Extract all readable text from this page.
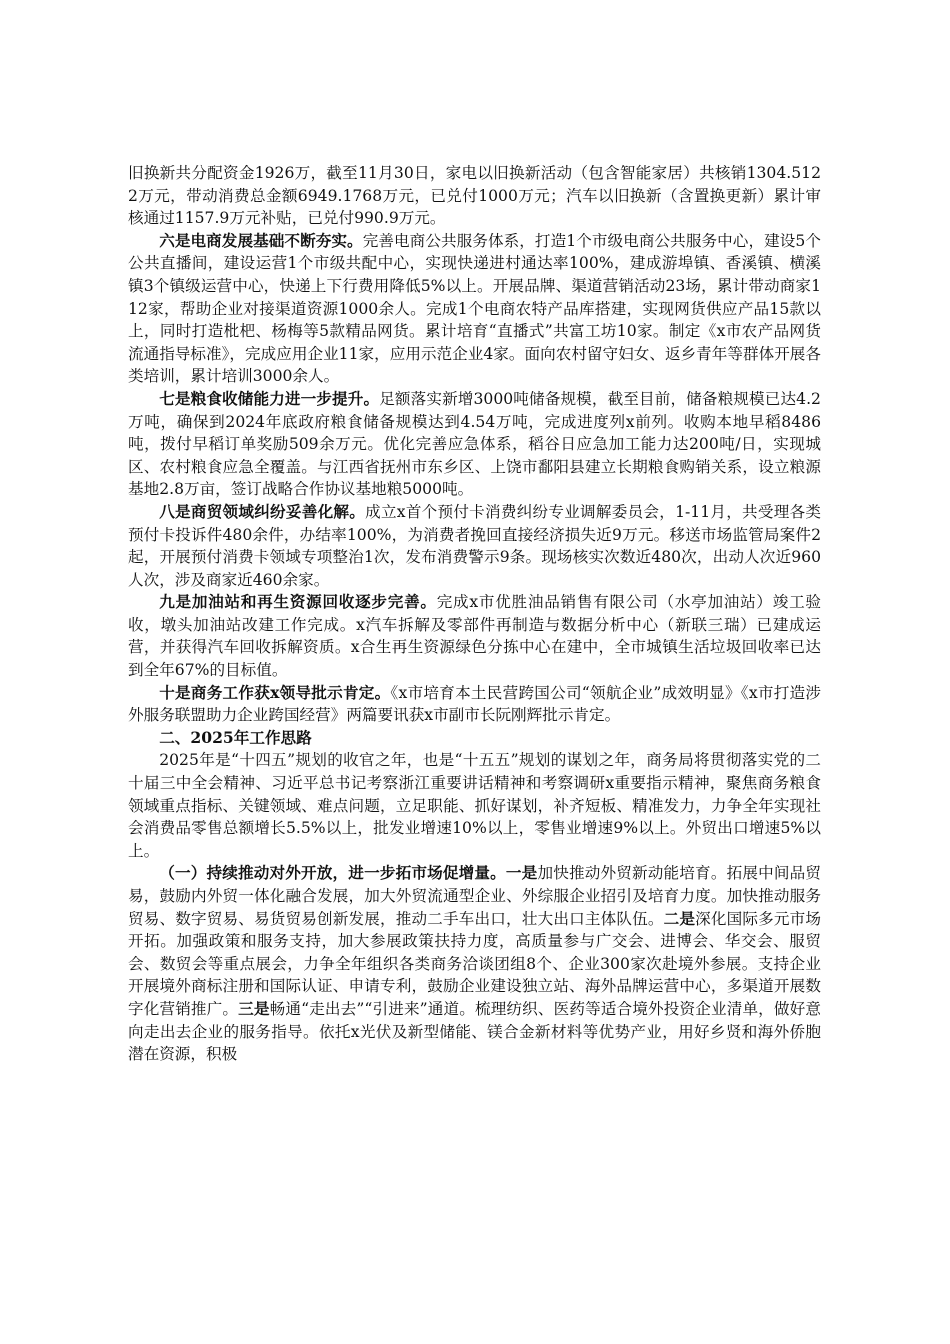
旧换新共分配资金1926万，截至11月30日，家电以旧换新活动（包含智能家居）共核销1304.5122万元，带动消费总金额6949.1768万元，已兑付1000万元；汽车以旧换新（含置换更新）累计审核通过1157.9万元补贴，已兑付990.9万元。

六是电商发展基础不断夯实。完善电商公共服务体系，打造1个市级电商公共服务中心，建设5个公共直播间，建设运营1个市级共配中心，实现快递进村通达率100%，建成游埠镇、香溪镇、横溪镇3个镇级运营中心，快递上下行费用降低5%以上。开展品牌、渠道营销活动23场，累计带动商家112家，帮助企业对接渠道资源1000余人。完成1个电商农特产品库搭建，实现网货供应产品15款以上，同时打造枇杷、杨梅等5款精品网货。累计培育“直播式”共富工坊10家。制定《x市农产品网货流通指导标准》，完成应用企业11家，应用示范企业4家。面向农村留守妇女、返乡青年等群体开展各类培训，累计培训3000余人。

七是粮食收储能力进一步提升。足额落实新增3000吨储备规模，截至目前，储备粮规模已达4.2万吨，确保到2024年底政府粮食储备规模达到4.54万吨，完成进度列x前列。收购本地早稻8486吨，拨付早稻订单奖励509余万元。优化完善应急体系，稻谷日应急加工能力达200吨/日，实现城区、农村粮食应急全覆盖。与江西省抚州市东乡区、上饶市鄱阳县建立长期粮食购销关系，设立粮源基地2.8万亩，签订战略合作协议基地粮5000吨。

八是商贸领域纠纷妥善化解。成立x首个预付卡消费纠纷专业调解委员会，1-11月，共受理各类预付卡投诉件480余件，办结率100%，为消费者挽回直接经济损失近9万元。移送市场监管局案件2起，开展预付消费卡领域专项整治1次，发布消费警示9条。现场核实次数近480次，出动人次近960人次，涉及商家近460余家。

九是加油站和再生资源回收逐步完善。完成x市优胜油品销售有限公司（水亭加油站）竣工验收，墩头加油站改建工作完成。x汽车拆解及零部件再制造与数据分析中心（新联三瑞）已建成运营，并获得汽车回收拆解资质。x合生再生资源绿色分拣中心在建中，全市城镇生活垃圾回收率已达到全年67%的目标值。

十是商务工作获x领导批示肯定。《x市培育本土民营跨国公司“领航企业”成效明显》《x市打造涉外服务联盟助力企业跨国经营》两篇要讯获x市副市长阮刚辉批示肯定。

二、2025年工作思路

2025年是“十四五”规划的收官之年，也是“十五五”规划的谋划之年，商务局将贯彻落实党的二十届三中全会精神、习近平总书记考察浙江重要讲话精神和考察调研x重要指示精神，聚焦商务粮食领域重点指标、关键领域、难点问题，立足职能、抓好谋划，补齐短板、精准发力，力争全年实现社会消费品零售总额增长5.5%以上，批发业增速10%以上，零售业增速9%以上。外贸出口增速5%以上。

（一）持续推动对外开放，进一步拓市场促增量。一是加快推动外贸新动能培育。拓展中间品贸易，鼓励内外贸一体化融合发展，加大外贸流通型企业、外综服企业招引及培育力度。加快推动服务贸易、数字贸易、易货贸易创新发展，推动二手车出口，壮大出口主体队伍。二是深化国际多元市场开拓。加强政策和服务支持，加大参展政策扶持力度，高质量参与广交会、进博会、华交会、服贸会、数贸会等重点展会，力争全年组织各类商务洽谈团组8个、企业300家次赴境外参展。支持企业开展境外商标注册和国际认证、申请专利，鼓励企业建设独立站、海外品牌运营中心，多渠道开展数字化营销推广。三是畅通“走出去”“引进来”通道。梳理纺织、医药等适合境外投资企业清单，做好意向走出去企业的服务指导。依托x光伏及新型储能、镁合金新材料等优势产业，用好乡贤和海外侨胞潜在资源，积极
